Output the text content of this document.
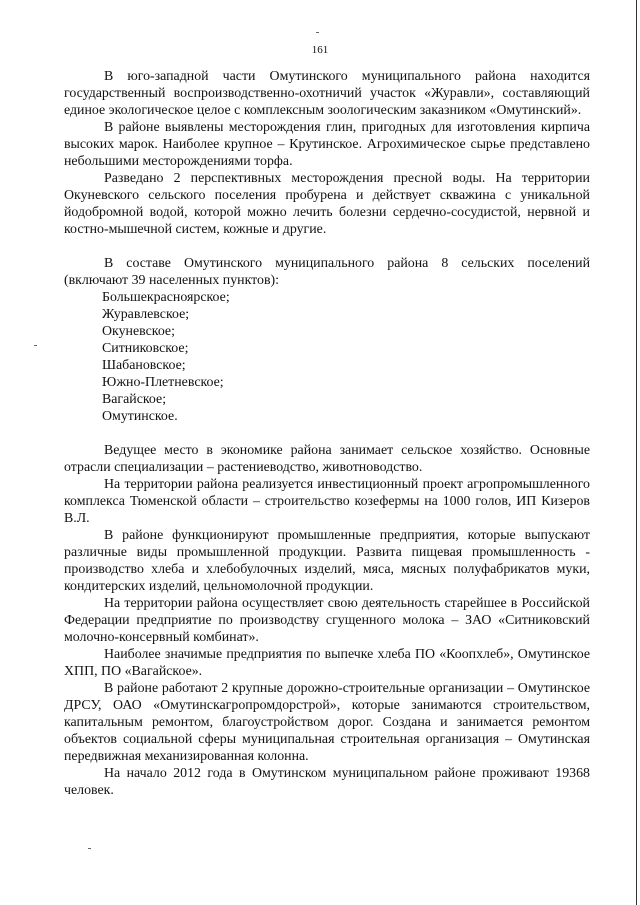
161

В юго-западной части Омутинского муниципального района находится государственный воспроизводственно-охотничий участок «Журавли», составляющий единое экологическое целое с комплексным зоологическим заказником «Омутинский».

В районе выявлены месторождения глин, пригодных для изготовления кирпича высоких марок. Наиболее крупное – Крутинское. Агрохимическое сырье представлено небольшими месторождениями торфа.

Разведано 2 перспективных месторождения пресной воды. На территории Окуневского сельского поселения пробурена и действует скважина с уникальной йодобромной водой, которой можно лечить болезни сердечно-сосудистой, нервной и костно-мышечной систем, кожные и другие.

В составе Омутинского муниципального района 8 сельских поселений (включают 39 населенных пунктов):

Большекрасноярское;
Журавлевское;
Окуневское;
Ситниковское;
Шабановское;
Южно-Плетневское;
Вагайское;
Омутинское.

Ведущее место в экономике района занимает сельское хозяйство. Основные отрасли специализации – растениеводство, животноводство.

На территории района реализуется инвестиционный проект агропромышленного комплекса Тюменской области – строительство козефермы на 1000 голов, ИП Кизеров В.Л.

В районе функционируют промышленные предприятия, которые выпускают различные виды промышленной продукции. Развита пищевая промышленность - производство хлеба и хлебобулочных изделий, мяса, мясных полуфабрикатов муки, кондитерских изделий, цельномолочной продукции.

На территории района осуществляет свою деятельность старейшее в Российской Федерации предприятие по производству сгущенного молока – ЗАО «Ситниковский молочно-консервный комбинат».

Наиболее значимые предприятия по выпечке хлеба ПО «Коопхлеб», Омутинское ХПП, ПО «Вагайское».

В районе работают 2 крупные дорожно-строительные организации – Омутинское ДРСУ, ОАО «Омутинскагропромдорстрой», которые занимаются строительством, капитальным ремонтом, благоустройством дорог. Создана и занимается ремонтом объектов социальной сферы муниципальная строительная организация – Омутинская передвижная механизированная колонна.

На начало 2012 года в Омутинском муниципальном районе проживают 19368 человек.
